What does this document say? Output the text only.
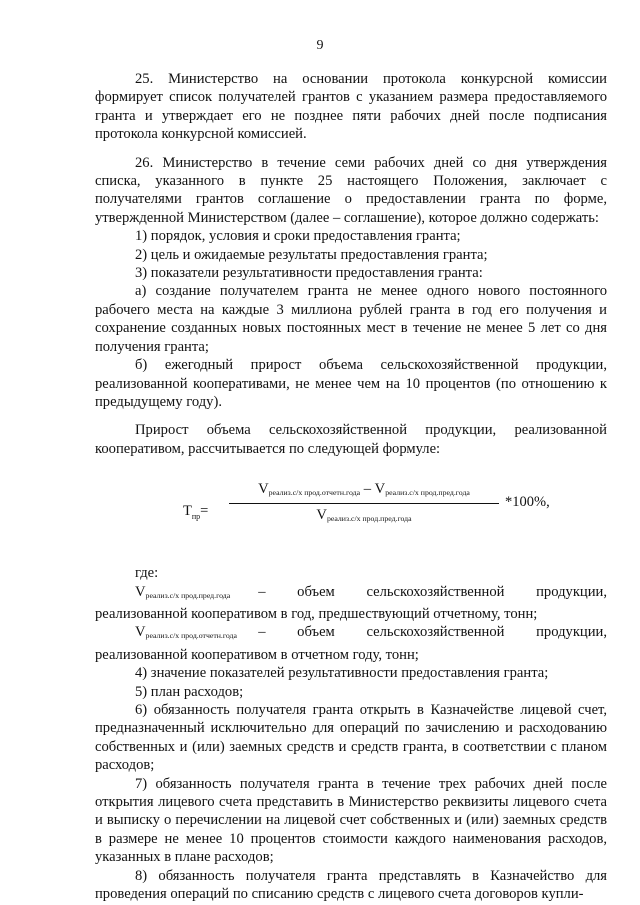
9

25. Министерство на основании протокола конкурсной комиссии формирует список получателей грантов с указанием размера предоставляемого гранта и утверждает его не позднее пяти рабочих дней после подписания протокола конкурсной комиссией.

26. Министерство в течение семи рабочих дней со дня утверждения списка, указанного в пункте 25 настоящего Положения, заключает с получателями грантов соглашение о предоставлении гранта по форме, утвержденной Министерством (далее – соглашение), которое должно содержать:

1) порядок, условия и сроки предоставления гранта;

2) цель и ожидаемые результаты предоставления гранта;

3) показатели результативности предоставления гранта:

а) создание получателем гранта не менее одного нового постоянного рабочего места на каждые 3 миллиона рублей гранта в год его получения и сохранение созданных новых постоянных мест в течение не менее 5 лет со дня получения гранта;

б) ежегодный прирост объема сельскохозяйственной продукции, реализованной кооперативами, не менее чем на 10 процентов (по отношению к предыдущему году).

Прирост объема сельскохозяйственной продукции, реализованной кооперативом, рассчитывается по следующей формуле:

$Т_{пр}=$
$V_{реализ.с/х прод.отчетн.года} - V_{реализ.с/х прод.пред.года}$
$V_{реализ.с/х прод.пред.года}$
*100%,

где:

$V_{реализ.с/х прод.пред.года}$ – объем сельскохозяйственной продукции,

реализованной кооперативом в год, предшествующий отчетному, тонн;

$V_{реализ.с/х прод.отчетн.года}$ – объем сельскохозяйственной продукции,

реализованной кооперативом в отчетном году, тонн;

4) значение показателей результативности предоставления гранта;

5) план расходов;

6) обязанность получателя гранта открыть в Казначействе лицевой счет, предназначенный исключительно для операций по зачислению и расходованию собственных и (или) заемных средств и средств гранта, в соответствии с планом расходов;

7) обязанность получателя гранта в течение трех рабочих дней после открытия лицевого счета представить в Министерство реквизиты лицевого счета и выписку о перечислении на лицевой счет собственных и (или) заемных средств в размере не менее 10 процентов стоимости каждого наименования расходов, указанных в плане расходов;

8) обязанность получателя гранта представлять в Казначейство для проведения операций по списанию средств с лицевого счета договоров купли-
